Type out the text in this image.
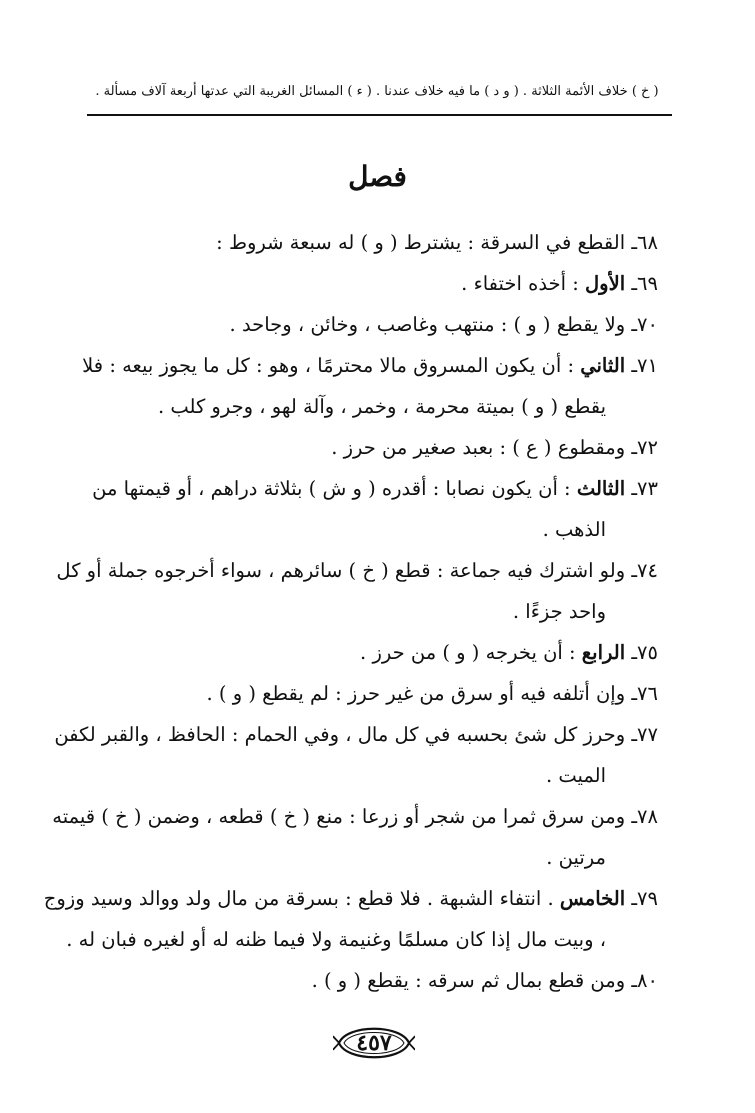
( خ ) خلاف الأئمة الثلاثة . ( و د ) ما فيه خلاف عندنا . ( ء ) المسائل الغريبة التي عدتها أربعة آلاف مسألة .
فصل
٦٨ـ القطع في السرقة : يشترط ( و ) له سبعة شروط :
٦٩ـ الأول : أخذه اختفاء .
٧٠ـ ولا يقطع ( و ) : منتهب وغاصب ، وخائن ، وجاحد .
٧١ـ الثاني : أن يكون المسروق مالا محترمًا ، وهو : كل ما يجوز بيعه : فلا
يقطع ( و ) بميتة محرمة ، وخمر ، وآلة لهو ، وجرو كلب .
٧٢ـ ومقطوع ( ع ) : بعبد صغير من حرز .
٧٣ـ الثالث : أن يكون نصابا : أقدره ( و ش ) بثلاثة دراهم ، أو قيمتها من
الذهب .
٧٤ـ ولو اشترك فيه جماعة : قطع ( خ ) سائرهم ، سواء أخرجوه جملة أو كل
واحد جزءًا .
٧٥ـ الرابع : أن يخرجه ( و ) من حرز .
٧٦ـ وإن أتلفه فيه أو سرق من غير حرز : لم يقطع ( و ) .
٧٧ـ وحرز كل شئ بحسبه في كل مال ، وفي الحمام : الحافظ ، والقبر لكفن
الميت .
٧٨ـ ومن سرق ثمرا من شجر أو زرعا : منع ( خ ) قطعه ، وضمن ( خ ) قيمته
مرتين .
٧٩ـ الخامس . انتفاء الشبهة . فلا قطع : بسرقة من مال ولد ووالد وسيد وزوج
، وبيت مال إذا كان مسلمًا وغنيمة ولا فيما ظنه له أو لغيره فبان له .
٨٠ـ ومن قطع بمال ثم سرقه : يقطع ( و ) .
٤٥٧
